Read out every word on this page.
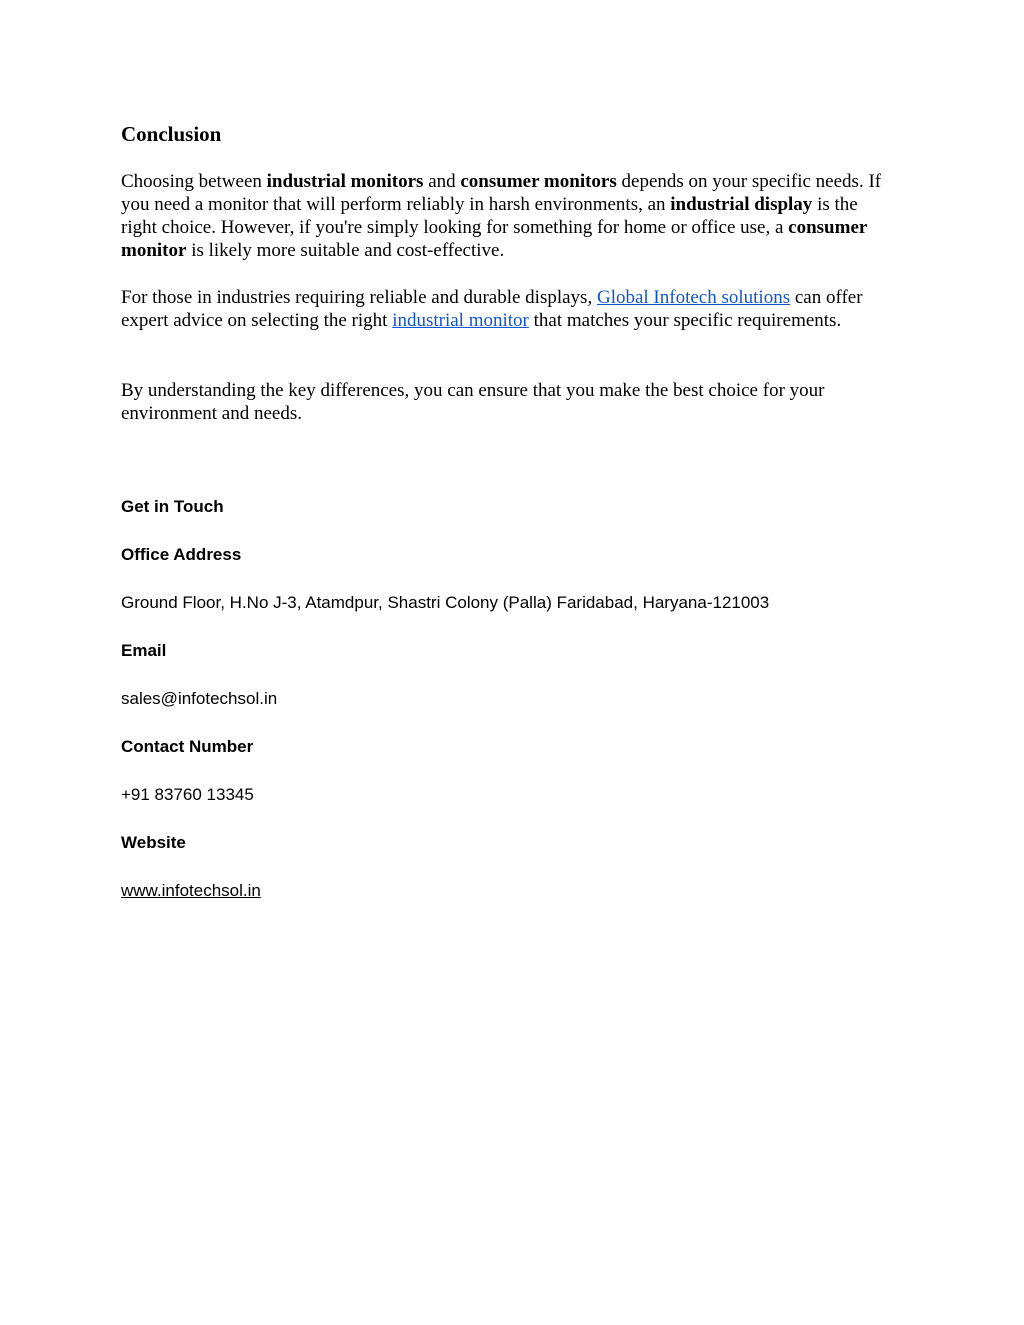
Conclusion

Choosing between industrial monitors and consumer monitors depends on your specific needs. If you need a monitor that will perform reliably in harsh environments, an industrial display is the right choice. However, if you're simply looking for something for home or office use, a consumer monitor is likely more suitable and cost-effective.

For those in industries requiring reliable and durable displays, Global Infotech solutions can offer expert advice on selecting the right industrial monitor that matches your specific requirements.

By understanding the key differences, you can ensure that you make the best choice for your environment and needs.

Get in Touch
Office Address
Ground Floor, H.No J-3, Atamdpur, Shastri Colony (Palla) Faridabad, Haryana-121003
Email
sales@infotechsol.in
Contact Number
+91 83760 13345
Website
www.infotechsol.in
